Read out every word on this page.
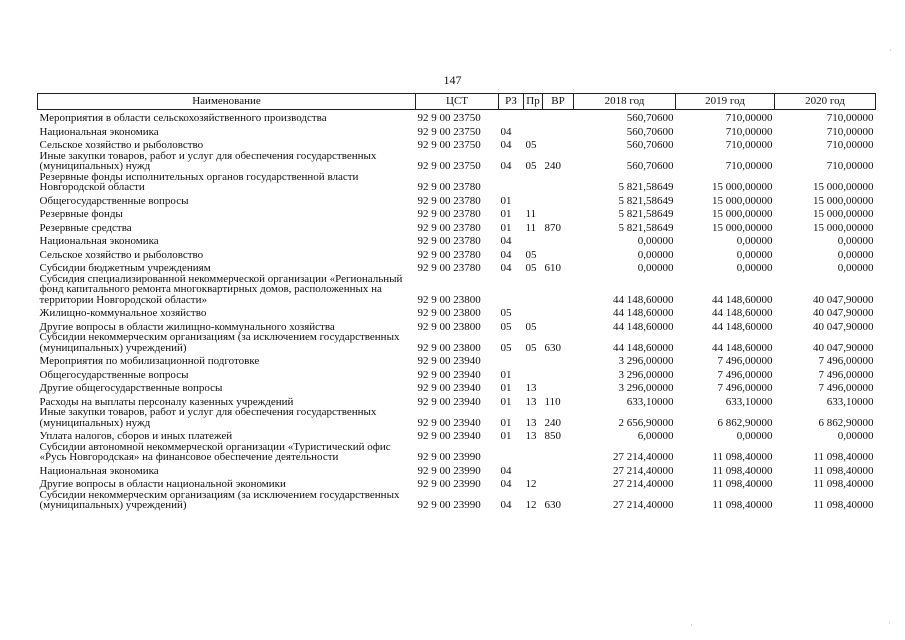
147
Наименование	ЦСТ	РЗ	Пр	ВР	2018 год	2019 год	2020 год
Мероприятия в области сельскохозяйственного производства	92 9 00 23750				560,70600	710,00000	710,00000
Национальная экономика	92 9 00 23750	04			560,70600	710,00000	710,00000
Сельское хозяйство и рыболовство	92 9 00 23750	04	05		560,70600	710,00000	710,00000
Иные закупки товаров, работ и услуг для обеспечения государственных (муниципальных) нужд	92 9 00 23750	04	05	240	560,70600	710,00000	710,00000
Резервные фонды исполнительных органов государственной власти Новгородской области	92 9 00 23780				5 821,58649	15 000,00000	15 000,00000
Общегосударственные вопросы	92 9 00 23780	01			5 821,58649	15 000,00000	15 000,00000
Резервные фонды	92 9 00 23780	01	11		5 821,58649	15 000,00000	15 000,00000
Резервные средства	92 9 00 23780	01	11	870	5 821,58649	15 000,00000	15 000,00000
Национальная экономика	92 9 00 23780	04			0,00000	0,00000	0,00000
Сельское хозяйство и рыболовство	92 9 00 23780	04	05		0,00000	0,00000	0,00000
Субсидии бюджетным учреждениям	92 9 00 23780	04	05	610	0,00000	0,00000	0,00000
Субсидия специализированной некоммерческой организации «Региональный фонд капитального ремонта многоквартирных домов, расположенных на территории Новгородской области»	92 9 00 23800				44 148,60000	44 148,60000	40 047,90000
Жилищно-коммунальное хозяйство	92 9 00 23800	05			44 148,60000	44 148,60000	40 047,90000
Другие вопросы в области жилищно-коммунального хозяйства	92 9 00 23800	05	05		44 148,60000	44 148,60000	40 047,90000
Субсидии некоммерческим организациям (за исключением государственных (муниципальных) учреждений)	92 9 00 23800	05	05	630	44 148,60000	44 148,60000	40 047,90000
Мероприятия по мобилизационной подготовке	92 9 00 23940				3 296,00000	7 496,00000	7 496,00000
Общегосударственные вопросы	92 9 00 23940	01			3 296,00000	7 496,00000	7 496,00000
Другие общегосударственные вопросы	92 9 00 23940	01	13		3 296,00000	7 496,00000	7 496,00000
Расходы на выплаты персоналу казенных учреждений	92 9 00 23940	01	13	110	633,10000	633,10000	633,10000
Иные закупки товаров, работ и услуг для обеспечения государственных (муниципальных) нужд	92 9 00 23940	01	13	240	2 656,90000	6 862,90000	6 862,90000
Уплата налогов, сборов и иных платежей	92 9 00 23940	01	13	850	6,00000	0,00000	0,00000
Субсидии автономной некоммерческой организации «Туристический офис «Русь Новгородская» на финансовое обеспечение деятельности	92 9 00 23990				27 214,40000	11 098,40000	11 098,40000
Национальная экономика	92 9 00 23990	04			27 214,40000	11 098,40000	11 098,40000
Другие вопросы в области национальной экономики	92 9 00 23990	04	12		27 214,40000	11 098,40000	11 098,40000
Субсидии некоммерческим организациям (за исключением государственных (муниципальных) учреждений)	92 9 00 23990	04	12	630	27 214,40000	11 098,40000	11 098,40000
·
·	·
